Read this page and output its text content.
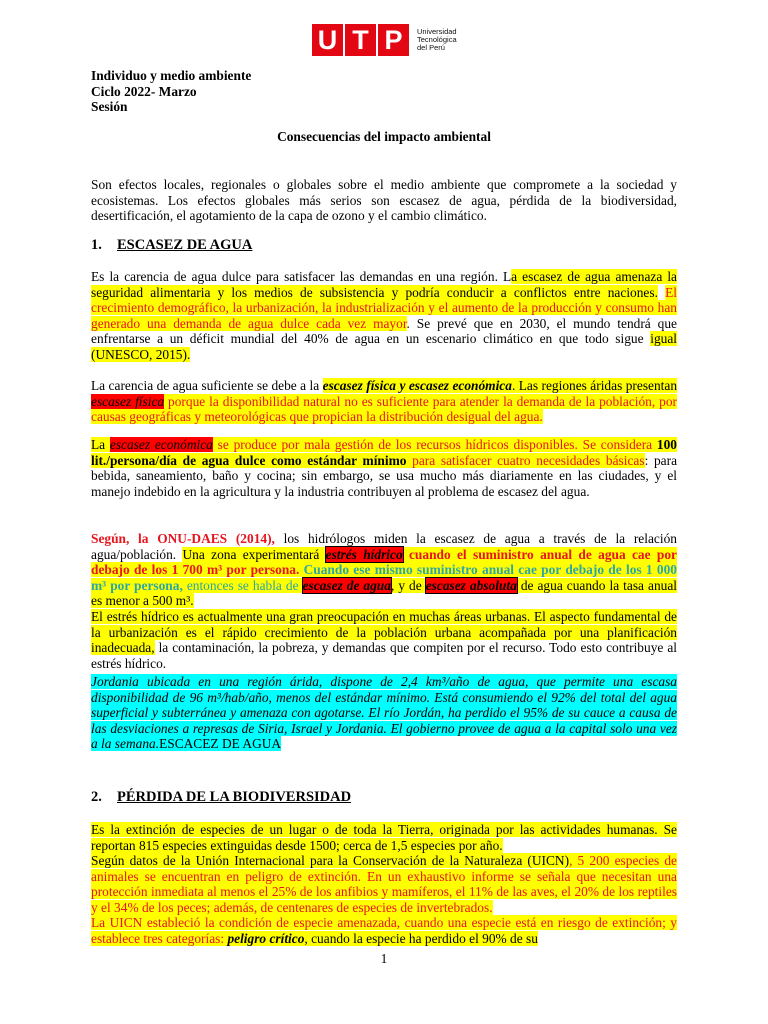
U T P	Universidad
Tecnológica
del Perú
Individuo y medio ambiente
Ciclo 2022- Marzo
Sesión
Consecuencias del impacto ambiental

Son efectos locales, regionales o globales sobre el medio ambiente que compromete a la sociedad y ecosistemas. Los efectos globales más serios son escasez de agua, pérdida de la biodiversidad, desertificación, el agotamiento de la capa de ozono y el cambio climático.

1. ESCASEZ DE AGUA

Es la carencia de agua dulce para satisfacer las demandas en una región. La escasez de agua amenaza la seguridad alimentaria y los medios de subsistencia y podría conducir a conflictos entre naciones. El crecimiento demográfico, la urbanización, la industrialización y el aumento de la producción y consumo han generado una demanda de agua dulce cada vez mayor. Se prevé que en 2030, el mundo tendrá que enfrentarse a un déficit mundial del 40% de agua en un escenario climático en que todo sigue igual (UNESCO, 2015).

La carencia de agua suficiente se debe a la escasez física y escasez económica. Las regiones áridas presentan escasez física porque la disponibilidad natural no es suficiente para atender la demanda de la población, por causas geográficas y meteorológicas que propician la distribución desigual del agua.

La escasez económica se produce por mala gestión de los recursos hídricos disponibles. Se considera 100 lit./persona/día de agua dulce como estándar mínimo para satisfacer cuatro necesidades básicas: para bebida, saneamiento, baño y cocina; sin embargo, se usa mucho más diariamente en las ciudades, y el manejo indebido en la agricultura y la industria contribuyen al problema de escasez del agua.

Según, la ONU-DAES (2014), los hidrólogos miden la escasez de agua a través de la relación agua/población. Una zona experimentará estrés hídrico cuando el suministro anual de agua cae por debajo de los 1 700 m³ por persona. Cuando ese mismo suministro anual cae por debajo de los 1 000 m³ por persona, entonces se habla de escasez de agua, y de escasez absoluta de agua cuando la tasa anual es menor a 500 m³.

El estrés hídrico es actualmente una gran preocupación en muchas áreas urbanas. El aspecto fundamental de la urbanización es el rápido crecimiento de la población urbana acompañada por una planificación inadecuada, la contaminación, la pobreza, y demandas que compiten por el recurso. Todo esto contribuye al estrés hídrico.

Jordania ubicada en una región árida, dispone de 2,4 km³/año de agua, que permite una escasa disponibilidad de 96 m³/hab/año, menos del estándar mínimo. Está consumiendo el 92% del total del agua superficial y subterránea y amenaza con agotarse. El río Jordán, ha perdido el 95% de su cauce a causa de las desviaciones a represas de Siria, Israel y Jordania. El gobierno provee de agua a la capital solo una vez a la semana.ESCACEZ DE AGUA

2. PÉRDIDA DE LA BIODIVERSIDAD

Es la extinción de especies de un lugar o de toda la Tierra, originada por las actividades humanas. Se reportan 815 especies extinguidas desde 1500; cerca de 1,5 especies por año.

Según datos de la Unión Internacional para la Conservación de la Naturaleza (UICN), 5 200 especies de animales se encuentran en peligro de extinción. En un exhaustivo informe se señala que necesitan una protección inmediata al menos el 25% de los anfibios y mamíferos, el 11% de las aves, el 20% de los reptiles y el 34% de los peces; además, de centenares de especies de invertebrados.

La UICN estableció la condición de especie amenazada, cuando una especie está en riesgo de extinción; y establece tres categorías: peligro crítico, cuando la especie ha perdido el 90% de su

1
